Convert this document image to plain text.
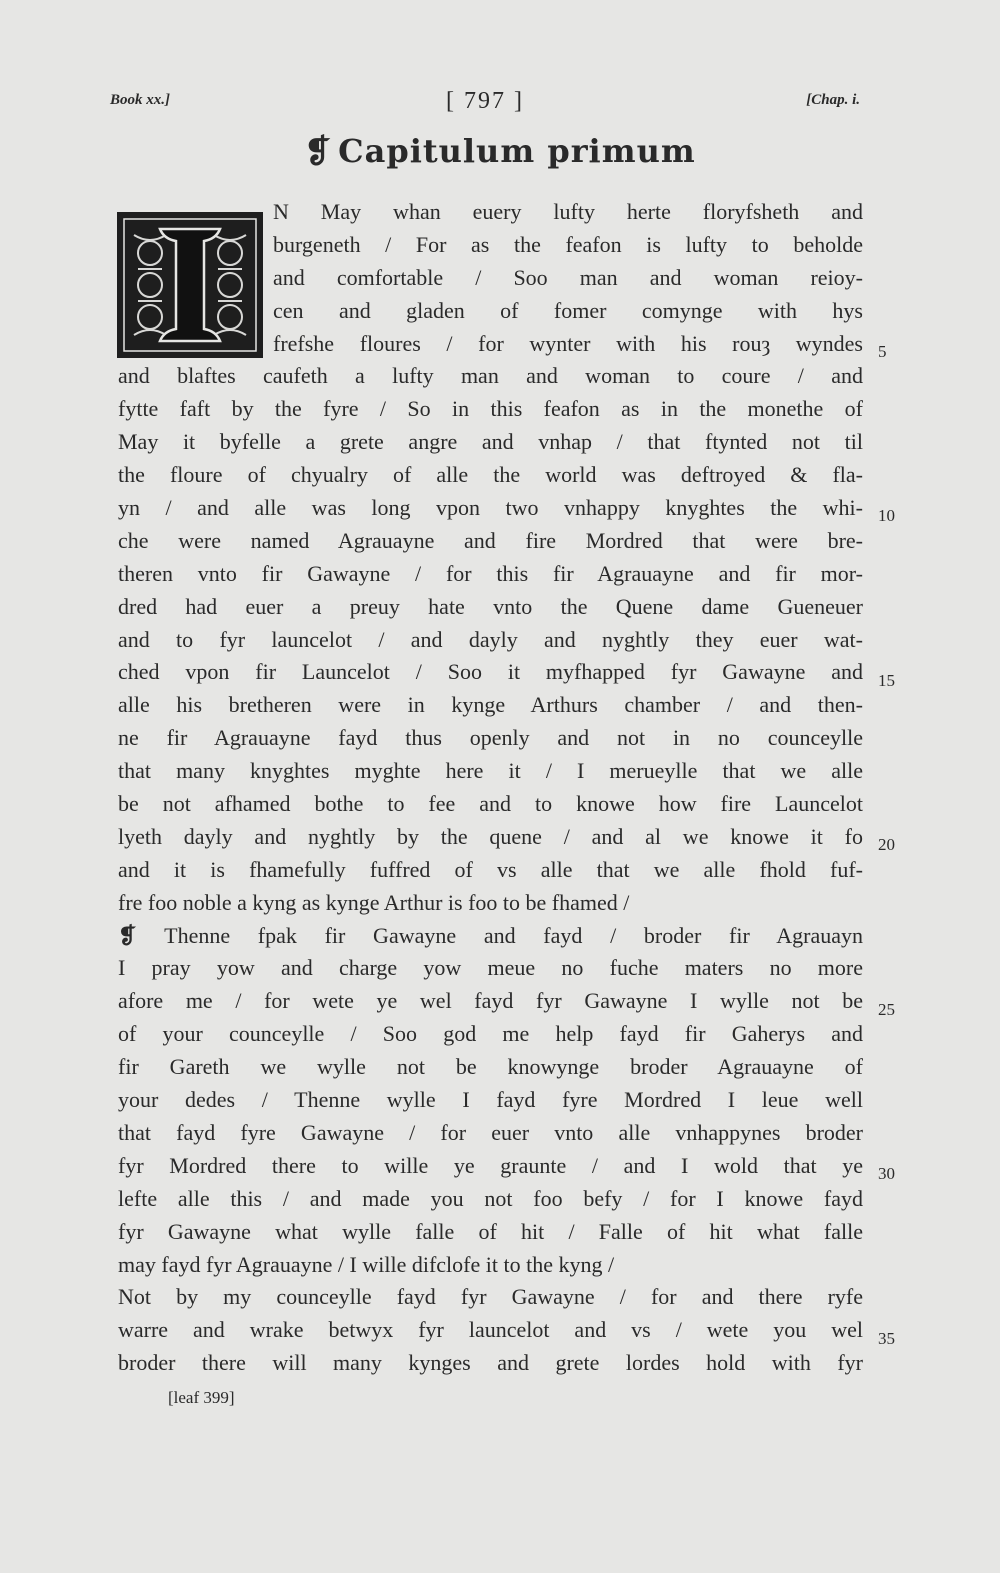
Book xx.]	[ 797 ]	[Chap. i.
❡ Capitulum primum
N May whan euery lufty herte floryfsheth and
burgeneth / For as the feafon is lufty to beholde
and comfortable / Soo man and woman reioy-
cen and gladen of fomer comynge with hys
frefshe floures / for wynter with his rouȝ wyndes
and blaftes caufeth a lufty man and woman to coure / and
fytte faft by the fyre / So in this feafon as in the monethe of
May it byfelle a grete angre and vnhap / that ftynted not til
the floure of chyualry of alle the world was deftroyed & fla-
yn / and alle was long vpon two vnhappy knyghtes the whi-
che were named Agrauayne and fire Mordred that were bre-
theren vnto fir Gawayne / for this fir Agrauayne and fir mor-
dred had euer a preuy hate vnto the Quene dame Gueneuer
and to fyr launcelot / and dayly and nyghtly they euer wat-
ched vpon fir Launcelot / Soo it myfhapped fyr Gawayne and
alle his bretheren were in kynge Arthurs chamber / and then-
ne fir Agrauayne fayd thus openly and not in no counceylle
that many knyghtes myghte here it / I merueylle that we alle
be not afhamed bothe to fee and to knowe how fire Launcelot
lyeth dayly and nyghtly by the quene / and al we knowe it fo
and it is fhamefully fuffred of vs alle that we alle fhold fuf-
fre foo noble a kyng as kynge Arthur is foo to be fhamed /
❡ Thenne fpak fir Gawayne and fayd / broder fir Agrauayn
I pray yow and charge yow meue no fuche maters no more
afore me / for wete ye wel fayd fyr Gawayne I wylle not be
of your counceylle / Soo god me help fayd fir Gaherys and
fir Gareth we wylle not be knowynge broder Agrauayne of
your dedes / Thenne wylle I fayd fyre Mordred I leue well
that fayd fyre Gawayne / for euer vnto alle vnhappynes broder
fyr Mordred there to wille ye graunte / and I wold that ye
lefte alle this / and made you not foo befy / for I knowe fayd
fyr Gawayne what wylle falle of hit / Falle of hit what falle
may fayd fyr Agrauayne / I wille difclofe it to the kyng /
Not by my counceylle fayd fyr Gawayne / for and there ryfe
warre and wrake betwyx fyr launcelot and vs / wete you wel
broder there will many kynges and grete lordes hold with fyr
5
10
15
20
25
30
35
[leaf 399]
